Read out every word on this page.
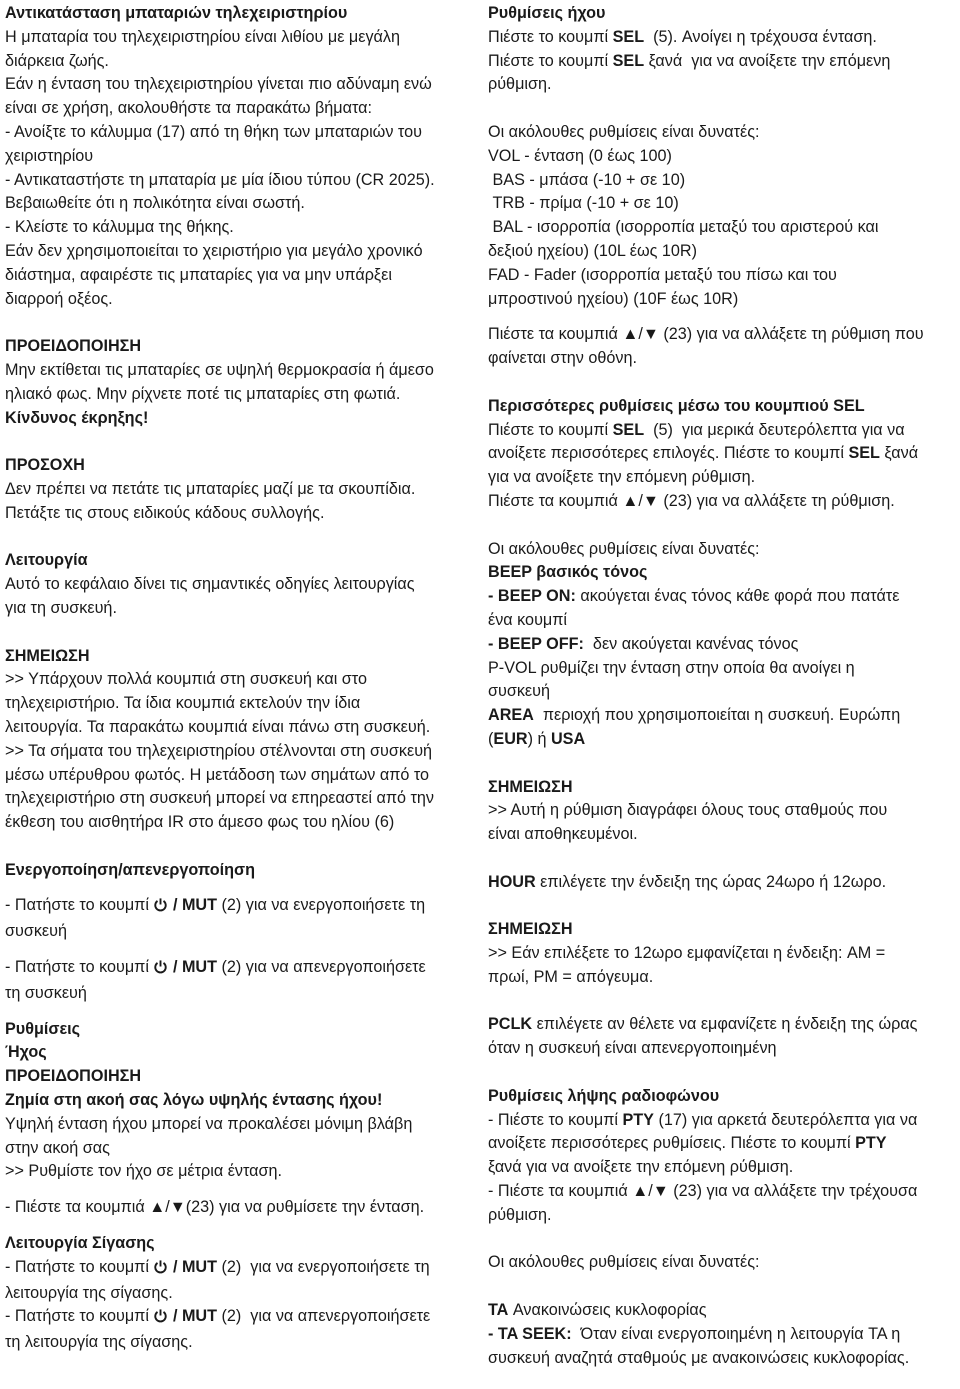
Αντικατάσταση μπαταριών τηλεχειριστηρίου
Η μπαταρία του τηλεχειριστηρίου είναι λιθίου με μεγάλη
διάρκεια ζωής.
Εάν η ένταση του τηλεχειριστηρίου γίνεται πιο αδύναμη ενώ
είναι σε χρήση, ακολουθήστε τα παρακάτω βήματα:
- Ανοίξτε το κάλυμμα (17) από τη θήκη των μπαταριών του
χειριστηρίου
- Αντικαταστήστε τη μπαταρία με μία ίδιου τύπου (CR 2025).
Βεβαιωθείτε ότι η πολικότητα είναι σωστή.
- Κλείστε το κάλυμμα της θήκης.
Εάν δεν χρησιμοποιείται το χειριστήριο για μεγάλο χρονικό
διάστημα, αφαιρέστε τις μπαταρίες για να μην υπάρξει
διαρροή οξέος.
ΠΡΟΕΙΔΟΠΟΙΗΣΗ
Μην εκτίθεται τις μπαταρίες σε υψηλή θερμοκρασία ή άμεσο
ηλιακό φως. Μην ρίχνετε ποτέ τις μπαταρίες στη φωτιά.
Κίνδυνος έκρηξης!
ΠΡΟΣΟΧΗ
Δεν πρέπει να πετάτε τις μπαταρίες μαζί με τα σκουπίδια.
Πετάξτε τις στους ειδικούς κάδους συλλογής.
Λειτουργία
Αυτό το κεφάλαιο δίνει τις σημαντικές οδηγίες λειτουργίας
για τη συσκευή.
ΣΗΜΕΙΩΣΗ
>> Υπάρχουν πολλά κουμπιά στη συσκευή και στο
τηλεχειριστήριο. Τα ίδια κουμπιά εκτελούν την ίδια
λειτουργία. Τα παρακάτω κουμπιά είναι πάνω στη συσκευή.
>> Τα σήματα του τηλεχειριστηρίου στέλνονται στη συσκευή
μέσω υπέρυθρου φωτός. Η μετάδοση των σημάτων από το
τηλεχειριστήριο στη συσκευή μπορεί να επηρεαστεί από την
έκθεση του αισθητήρα IR στο άμεσο φως του ηλίου (6)
Ενεργοποίηση/απενεργοποίηση
- Πατήστε το κουμπί  / MUT (2) για να ενεργοποιήσετε τη
συσκευή
- Πατήστε το κουμπί  / MUT (2) για να απενεργοποιήσετε
τη συσκευή
Ρυθμίσεις
Ήχος
ΠΡΟΕΙΔΟΠΟΙΗΣΗ
Ζημία στη ακοή σας λόγω υψηλής έντασης ήχου!
Υψηλή ένταση ήχου μπορεί να προκαλέσει μόνιμη βλάβη
στην ακοή σας
>> Ρυθμίστε τον ήχο σε μέτρια ένταση.
- Πιέστε τα κουμπιά ▲/▼(23) για να ρυθμίσετε την ένταση.
Λειτουργία Σίγασης
- Πατήστε το κουμπί  / MUT (2)  για να ενεργοποιήσετε τη
λειτουργία της σίγασης.
- Πατήστε το κουμπί  / MUT (2)  για να απενεργοποιήσετε
τη λειτουργία της σίγασης.
Ρυθμίσεις ήχου
Πιέστε το κουμπί SEL  (5). Ανοίγει η τρέχουσα ένταση.
Πιέστε το κουμπί SEL ξανά  για να ανοίξετε την επόμενη
ρύθμιση.
Οι ακόλουθες ρυθμίσεις είναι δυνατές:
VOL - ένταση (0 έως 100)
BAS - μπάσα (-10 + σε 10)
TRB - πρίμα (-10 + σε 10)
BAL - ισορροπία (ισορροπία μεταξύ του αριστερού και
δεξιού ηχείου) (10L έως 10R)
FAD - Fader (ισορροπία μεταξύ του πίσω και του
μπροστινού ηχείου) (10F έως 10R)
Πιέστε τα κουμπιά ▲/▼ (23) για να αλλάξετε τη ρύθμιση που
φαίνεται στην οθόνη.
Περισσότερες ρυθμίσεις μέσω του κουμπιού SEL
Πιέστε το κουμπί SEL  (5)  για μερικά δευτερόλεπτα για να
ανοίξετε περισσότερες επιλογές. Πιέστε το κουμπί SEL ξανά
για να ανοίξετε την επόμενη ρύθμιση.
Πιέστε τα κουμπιά ▲/▼ (23) για να αλλάξετε τη ρύθμιση.
Οι ακόλουθες ρυθμίσεις είναι δυνατές:
BEEP βασικός τόνος
- BEEP ON: ακούγεται ένας τόνος κάθε φορά που πατάτε
ένα κουμπί
- BEEP OFF:  δεν ακούγεται κανένας τόνος
P-VOL ρυθμίζει την ένταση στην οποία θα ανοίγει η
συσκευή
AREA  περιοχή που χρησιμοποιείται η συσκευή. Ευρώπη
(EUR) ή USA
ΣΗΜΕΙΩΣΗ
>> Αυτή η ρύθμιση διαγράφει όλους τους σταθμούς που
είναι αποθηκευμένοι.
HOUR επιλέγετε την ένδειξη της ώρας 24ωρο ή 12ωρο.
ΣΗΜΕΙΩΣΗ
>> Εάν επιλέξετε το 12ωρο εμφανίζεται η ένδειξη: AM =
πρωί, PM = απόγευμα.
PCLK επιλέγετε αν θέλετε να εμφανίζετε η ένδειξη της ώρας
όταν η συσκευή είναι απενεργοποιημένη
Ρυθμίσεις λήψης ραδιοφώνου
- Πιέστε το κουμπί PTY (17) για αρκετά δευτερόλεπτα για να
ανοίξετε περισσότερες ρυθμίσεις. Πιέστε το κουμπί PTY
ξανά για να ανοίξετε την επόμενη ρύθμιση.
- Πιέστε τα κουμπιά ▲/▼ (23) για να αλλάξετε την τρέχουσα
ρύθμιση.
Οι ακόλουθες ρυθμίσεις είναι δυνατές:
TA Ανακοινώσεις κυκλοφορίας
- TA SEEK:  Όταν είναι ενεργοποιημένη η λειτουργία TA η
συσκευή αναζητά σταθμούς με ανακοινώσεις κυκλοφορίας.
